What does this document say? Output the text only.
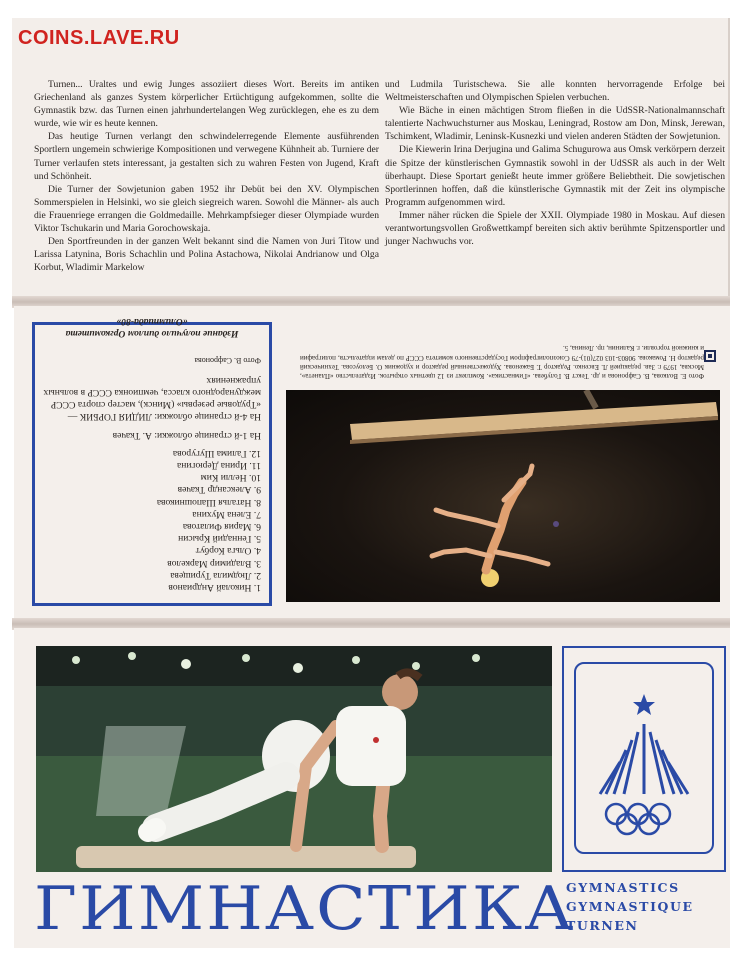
COINS.LAVE.RU

Turnen... Uraltes und ewig Junges assoziiert dieses Wort. Bereits im antiken Griechenland als ganzes System körperlicher Ertüchtigung aufgekommen, sollte die Gymnastik bzw. das Turnen einen jahrhundertelangen Weg zurücklegen, ehe es zu dem wurde, wie wir es heute kennen.

Das heutige Turnen verlangt den schwindelerregende Elemente ausführenden Sportlern ungemein schwierige Kompositionen und verwegene Kühnheit ab. Turniere der Turner verlaufen stets interessant, ja gestalten sich zu wahren Festen von Jugend, Kraft und Schönheit.

Die Turner der Sowjetunion gaben 1952 ihr Debüt bei den XV. Olympischen Sommerspielen in Helsinki, wo sie gleich siegreich waren. Sowohl die Männer- als auch die Frauenriege errangen die Goldmedaille. Mehrkampfsieger dieser Olympiade wurden Viktor Tschukarin und Maria Gorochowskaja.

Den Sportfreunden in der ganzen Welt bekannt sind die Namen von Juri Titow und Larissa Latynina, Boris Schachlin und Polina Astachowa, Nikolai Andrianow und Olga Korbut, Wladimir Markelow

und Ludmila Turistschewa. Sie alle konnten hervorragende Erfolge bei Weltmeisterschaften und Olympischen Spielen verbuchen.

Wie Bäche in einen mächtigen Strom fließen in die UdSSR-Nationalmannschaft talentierte Nachwuchsturner aus Moskau, Leningrad, Rostow am Don, Minsk, Jerewan, Tschimkent, Wladimir, Leninsk-Kusnezki und vielen anderen Städten der Sowjetunion.

Die Kiewerin Irina Derjugina und Galima Schugurowa aus Omsk verkörpern derzeit die Spitze der künstlerischen Gymnastik sowohl in der UdSSR als auch in der Welt überhaupt. Diese Sportart genießt heute immer größere Beliebtheit. Die sowjetischen Sportlerinnen hoffen, daß die künstlerische Gymnastik mit der Zeit ins olympische Programm aufgenommen wird.

Immer näher rücken die Spiele der XXII. Olympiade 1980 in Moskau. Auf diesen verantwortungsvollen Großwettkampf bereiten sich aktiv berühmte Spitzensportler und junger Nachwuchs vor.

1. Николай Андрианов
2. Людмила Турищева
3. Владимир Маркелов
4. Ольга Корбут
5. Геннадий Крысин
6. Мария Филатова
7. Елена Мухина
8. Наталья Шапошникова
9. Александр Ткачев
10. Нелли Ким
11. Ирина Дерюгина
12. Галима Шугурова

На 1-й странице обложки: А. Ткачев

На 4-й странице обложки: ЛИДИЯ ГОРБИК — «Трудовые резервы» (Минск), мастер спорта СССР международного класса, чемпионка СССР в вольных упражнениях

Фото В. Сафронова

Издание получило диплом Оргкомитета «Олимпиада-80»

Фото Е. Волкова, В. Сафронова и др. Текст В. Голубева. «Гимнастика». Комплект из 12 цветных открыток. Издательство «Планета», Москва, 1979 г. Зав. редакцией Л. Евсенко. Редактор Т. Баженова. Художественный редактор и художник О. Белоусова. Технический редактор Н. Ромакова. 90803-103 027(01)-79 Союзполиграфпром Государственного комитета СССР по делам издательств, полиграфии и книжной торговли. г. Калинин, пр. Ленина, 5.
ГИМНАСТИКА
GYMNASTICS
GYMNASTIQUE
TURNEN
